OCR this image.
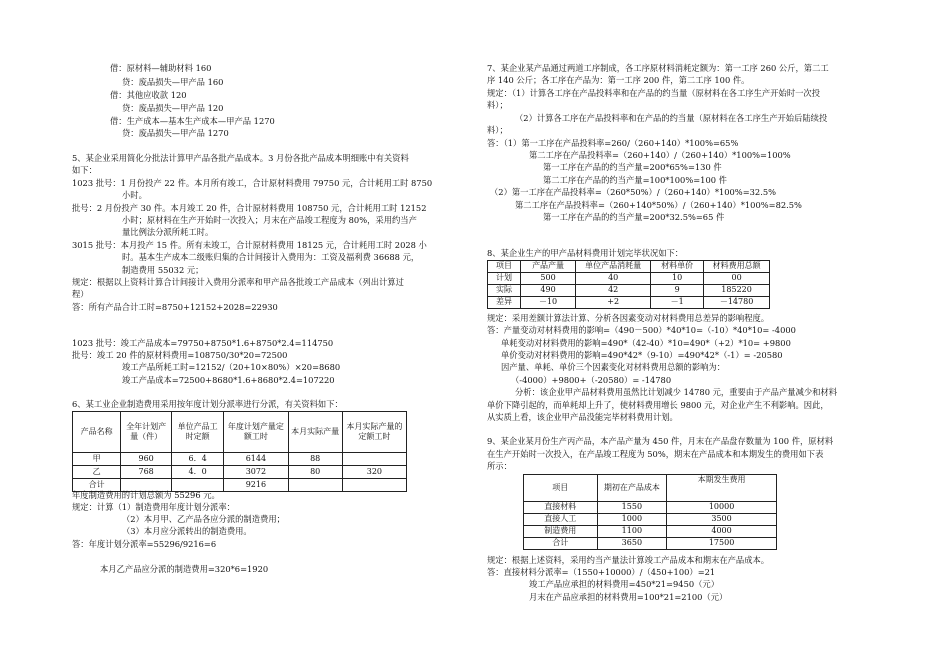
借：原材料—辅助材料 160
贷：废品损失—甲产品 160
借：其他应收款 120
贷：废品损失—甲产品 120
借：生产成本—基本生产成本—甲产品 1270
贷：废品损失—甲产品 1270
5、某企业采用简化分批法计算甲产品各批产品成本。3 月份各批产品成本明细账中有关资料
如下：
1023 批号：1 月份投产 22 件。本月所有竣工，合计原材料费用 79750 元，合计耗用工时 8750
小时。
批号：2 月份投产 30 件。本月竣工 20 件，合计原材料费用 108750 元，合计耗用工时 12152
小时；原材料在生产开始时一次投入；月末在产品竣工程度为 80%，采用约当产
量比例法分派所耗工时。
3015 批号：本月投产 15 件。所有未竣工，合计原材料费用 18125 元，合计耗用工时 2028 小
时。基本生产成本二级账归集的合计间接计入费用为：工资及福利费 36688 元，
制造费用 55032 元；
规定：根据以上资料计算合计间接计入费用分派率和甲产品各批竣工产品成本（列出计算过
程）
答：所有产品合计工时=8750+12152+2028=22930
1023 批号：竣工产品成本=79750+8750*1.6+8750*2.4=114750
批号：竣工 20 件的原材料费用=108750/30*20=72500
竣工产品所耗工时=12152/（20+10×80%）×20=8680
竣工产品成本=72500+8680*1.6+8680*2.4=107220
6、某工业企业制造费用采用按年度计划分派率进行分派，有关资料如下：
产品名称	全年计划产量（件）	单位产品工时定额	年度计划产量定额工时	本月实际产量	本月实际产量的定额工时
甲	960	6．4	6144	88	
乙	768	4．0	3072	80	320
合计			9216		
年度制造费用的计划总额为 55296 元。
规定：计算（1）制造费用年度计划分派率：
（2）本月甲、乙产品各应分派的制造费用；
（3）本月应分派转出的制造费用。
答：年度计划分派率=55296/9216=6
本月乙产品应分派的制造费用=320*6=1920
7、某企业某产品通过两道工序制成，各工序原材料消耗定额为：第一工序 260 公斤，第二工
序 140 公斤；各工序在产品为：第一工序 200 件，第二工序 100 件。
规定：（1）计算各工序在产品投料率和在产品的约当量（原材料在各工序生产开始时一次投
料）；
（2）计算各工序在产品投料率和在产品的约当量（原材料在各工序生产开始后陆续投
料）；
答：（1）第一工序在产品投料率=260/（260+140）*100%=65%
第二工序在产品投料率=（260+140）/（260+140）*100%=100%
第一工序在产品的约当产量=200*65%=130 件
第二工序在产品的约当产量=100*100%=100 件
（2）第一工序在产品投料率=（260*50%）/（260+140）*100%=32.5%
第二工序在产品投料率=（260+140*50%）/（260+140）*100%=82.5%
第一工序在产品的约当产量=200*32.5%=65 件
8、某企业生产的甲产品材料费用计划完毕状况如下：
项目	产品产量	单位产品消耗量	材料单价	材料费用总额
计划	500	40	10	00
实际	490	42	9	185220
差异	－10	+2	－1	－14780
规定：采用差额计算法计算、分析各因素变动对材料费用总差异的影响程度。
答：产量变动对材料费用的影响=（490－500）*40*10=（-10）*40*10= -4000
单耗变动对材料费用的影响=490*（42-40）*10=490*（+2）*10= +9800
单价变动对材料费用的影响=490*42*（9-10）=490*42*（-1）= -20580
因产量、单耗、单价三个因素变化对材料费用总额的影响为：
（-4000）+9800+（-20580）= -14780
分析：该企业甲产品材料费用虽然比计划减少 14780 元，重要由于产品产量减少和材料
单价下降引起的，而单耗却上升了，使材料费用增长 9800 元，对企业产生不利影响。因此，
从实质上看，该企业甲产品没能完毕材料费用计划。
9、某企业某月份生产丙产品，本产品产量为 450 件，月末在产品盘存数量为 100 件，原材料
在生产开始时一次投入，在产品竣工程度为 50%，期末在产品成本和本期发生的费用如下表
所示：
项目	期初在产品成本	本期发生费用
直接材料	1550	10000
直接人工	1000	3500
制造费用	1100	4000
合计	3650	17500
规定：根据上述资料，采用约当产量法计算竣工产品成本和期末在产品成本。
答：直接材料分派率=（1550+10000）/（450+100）=21
竣工产品应承担的材料费用=450*21=9450（元）
月末在产品应承担的材料费用=100*21=2100（元）
